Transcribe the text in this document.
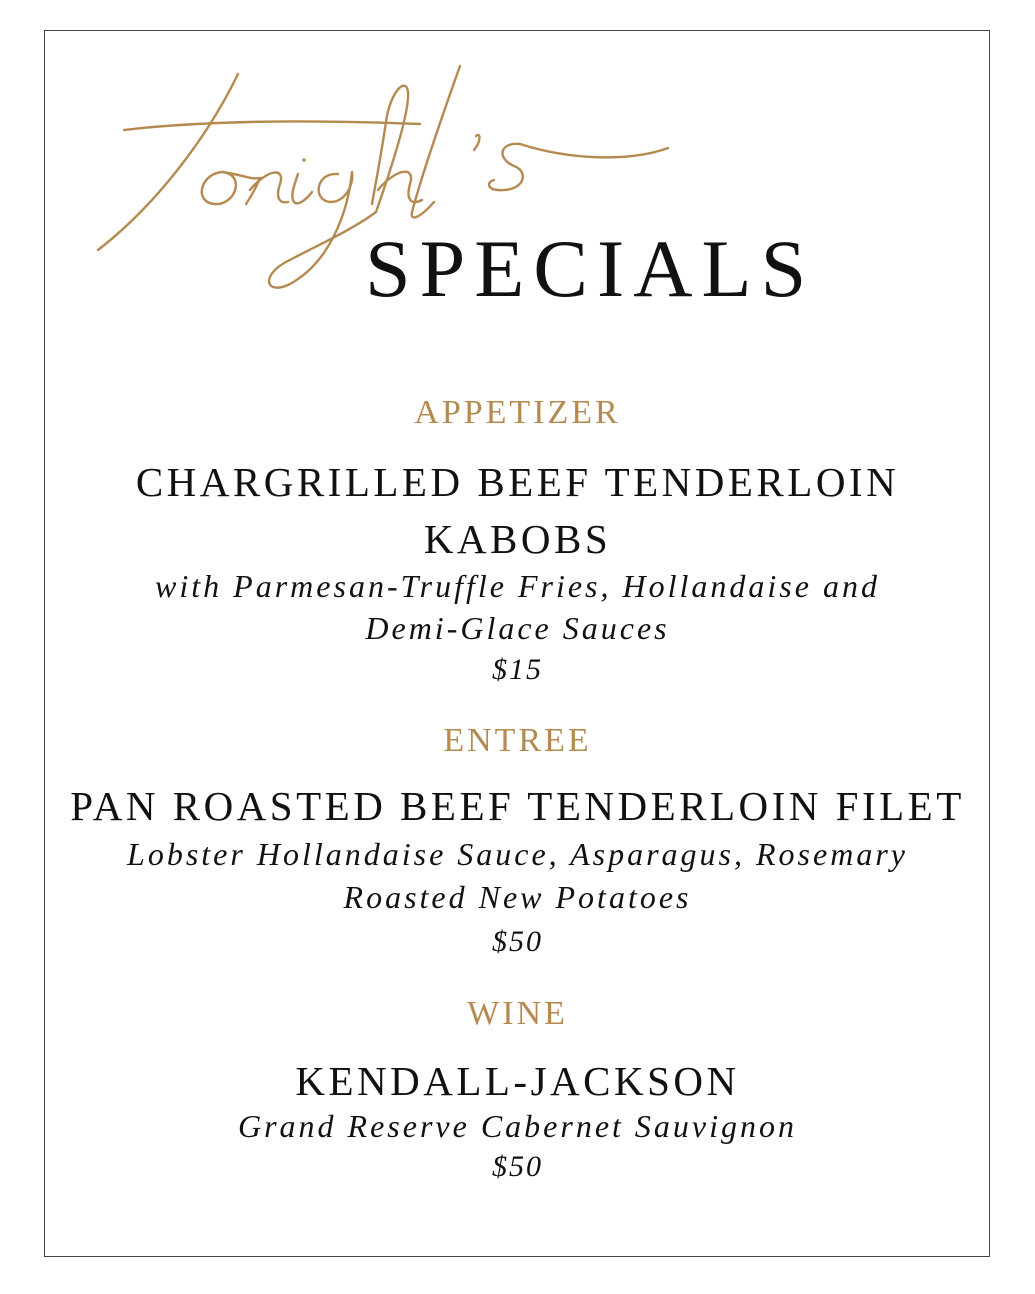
SPECIALS
APPETIZER
CHARGRILLED BEEF TENDERLOIN
KABOBS
with Parmesan-Truffle Fries, Hollandaise and
Demi-Glace Sauces
$15
ENTREE
PAN ROASTED BEEF TENDERLOIN FILET
Lobster Hollandaise Sauce, Asparagus, Rosemary
Roasted New Potatoes
$50
WINE
KENDALL-JACKSON
Grand Reserve Cabernet Sauvignon
$50
